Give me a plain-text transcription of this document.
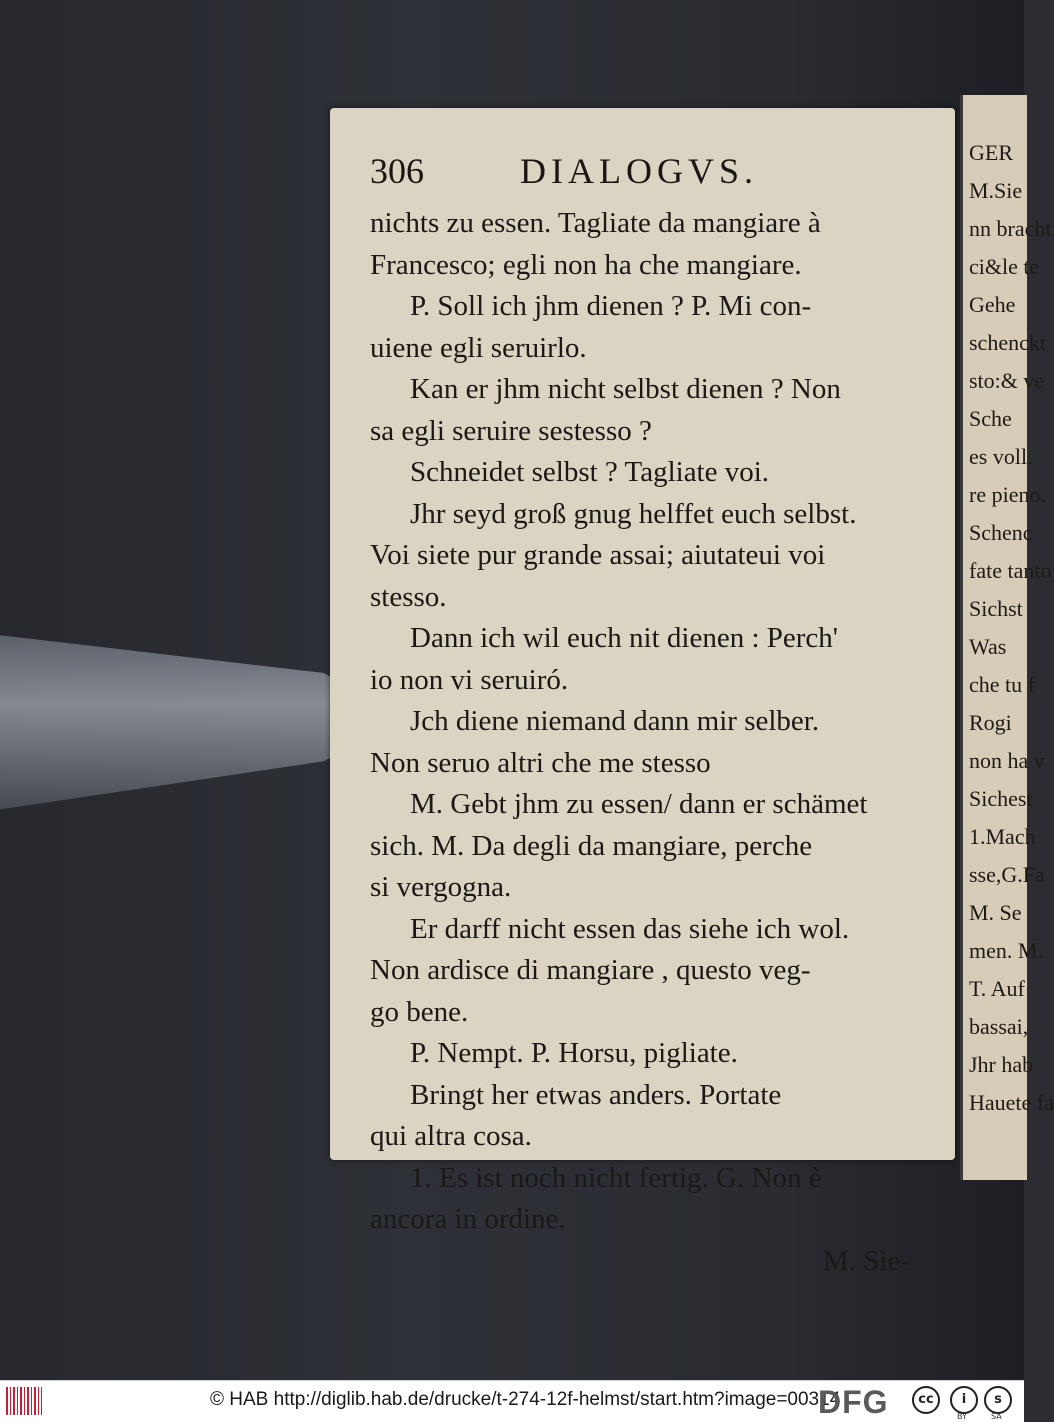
GER
M.Sie
nn bracht
ci&le te
Gehe
schenckt
sto:& ve
Sche
es voll.
re pieno.
Schenc
fate tanto
Sichst
Was
che tu f
Rogi
non ha v
Sichest
1.Mach
sse,G.Fa
M. Se
men. M.
T. Auf
bassai,
Jhr hab
Hauete fa
306	DIALOGVS.
nichts zu essen. Tagliate da mangiare à
Francesco; egli non ha che mangiare.
P. Soll ich jhm dienen ? P. Mi con-
uiene egli seruirlo.
Kan er jhm nicht selbst dienen ? Non
sa egli seruire sestesso ?
Schneidet selbst ? Tagliate voi.
Jhr seyd groß gnug helffet euch selbst.
Voi siete pur grande assai; aiutateui voi
stesso.
Dann ich wil euch nit dienen : Perch'
io non vi seruiró.
Jch diene niemand dann mir selber.
Non seruo altri che me stesso
M. Gebt jhm zu essen/ dann er schämet
sich. M. Da degli da mangiare, perche
si vergogna.
Er darff nicht essen das siehe ich wol.
Non ardisce di mangiare , questo veg-
go bene.
P. Nempt. P. Horsu, pigliate.
Bringt her etwas anders. Portate
qui altra cosa.
1. Es ist noch nicht fertig. G. Non è
ancora in ordine.
M. Sie-
© HAB http://diglib.hab.de/drucke/t-274-12f-helmst/start.htm?image=00314
DFG	cc	i	s
BY	SA
